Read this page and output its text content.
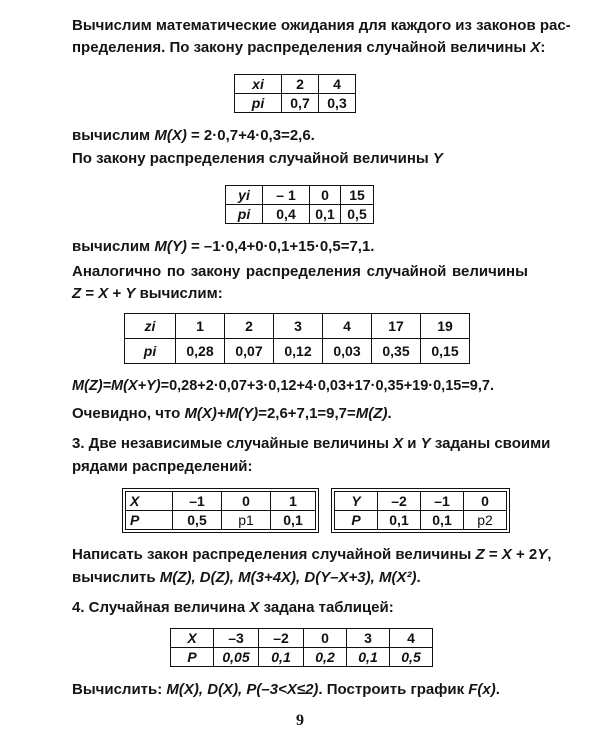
Вычислим математические ожидания для каждого из законов рас-
пределения. По закону распределения случайной величины X:
xi	2	4
pi	0,7	0,3
вычислим M(X) = 2·0,7+4·0,3=2,6.
По закону распределения случайной величины Y
yi	– 1	0	15
pi	0,4	0,1	0,5
вычислим M(Y) = –1·0,4+0·0,1+15·0,5=7,1.
Аналогично по закону распределения случайной величины
Z = X + Y вычислим:
zi	1	2	3	4	17	19
pi	0,28	0,07	0,12	0,03	0,35	0,15
M(Z)=M(X+Y)=0,28+2·0,07+3·0,12+4·0,03+17·0,35+19·0,15=9,7.
Очевидно, что M(X)+M(Y)=2,6+7,1=9,7=M(Z).
3. Две независимые случайные величины X и Y заданы своими
рядами распределений:
X	–1	0	1
P	0,5	p1	0,1
Y	–2	–1	0
P	0,1	0,1	p2
Написать закон распределения случайной величины Z = X + 2Y,
вычислить M(Z), D(Z), M(3+4X), D(Y–X+3), M(X²).
4. Случайная величина X задана таблицей:
X	–3	–2	0	3	4
P	0,05	0,1	0,2	0,1	0,5
Вычислить: M(X), D(X), P(–3<X≤2). Построить график F(x).
9
